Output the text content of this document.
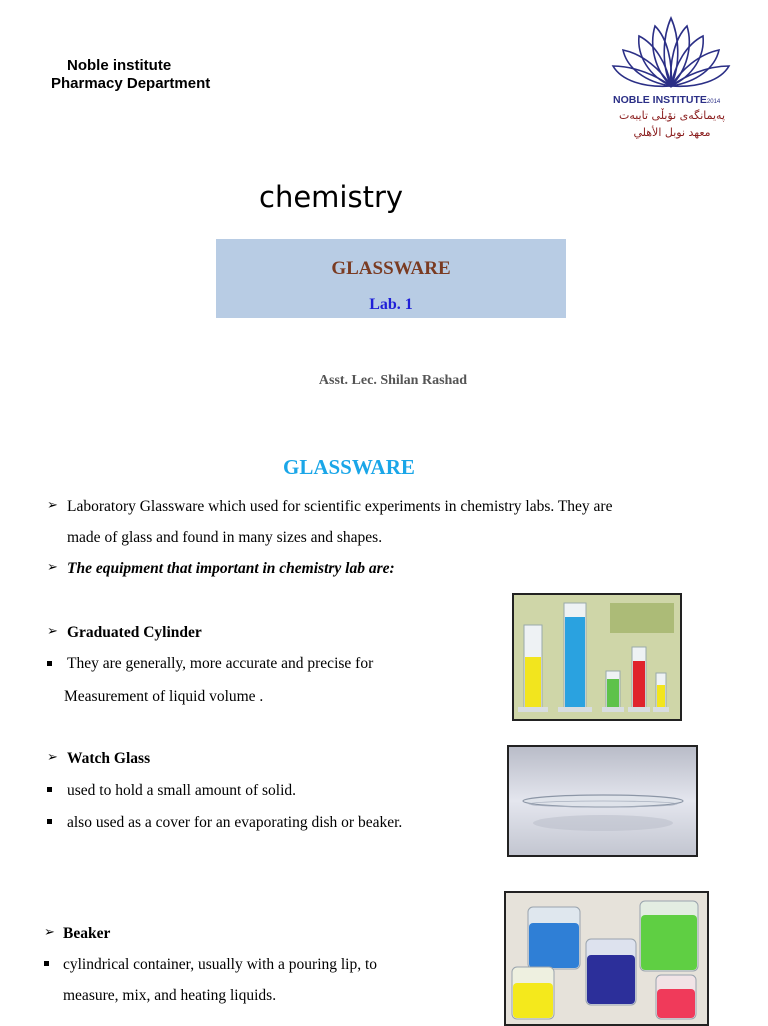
Noble institute
Pharmacy Department
NOBLE INSTITUTE2014
پەیمانگەی نۆبڵی تایبەت
معهد نوبل الأهلي
chemistry
GLASSWARE
Lab. 1
Asst. Lec. Shilan Rashad
GLASSWARE
➢ Laboratory Glassware which used for scientific experiments in chemistry labs. They are
made of glass and found in many sizes and shapes.
➢ The equipment that important in chemistry lab are:
➢ Graduated Cylinder
They are generally, more accurate and precise for
Measurement of liquid volume .
➢ Watch Glass
used to hold a small amount of solid.
also used as a cover for an evaporating dish or beaker.
➢ Beaker
cylindrical container, usually with a pouring lip, to
measure, mix, and heating liquids.
